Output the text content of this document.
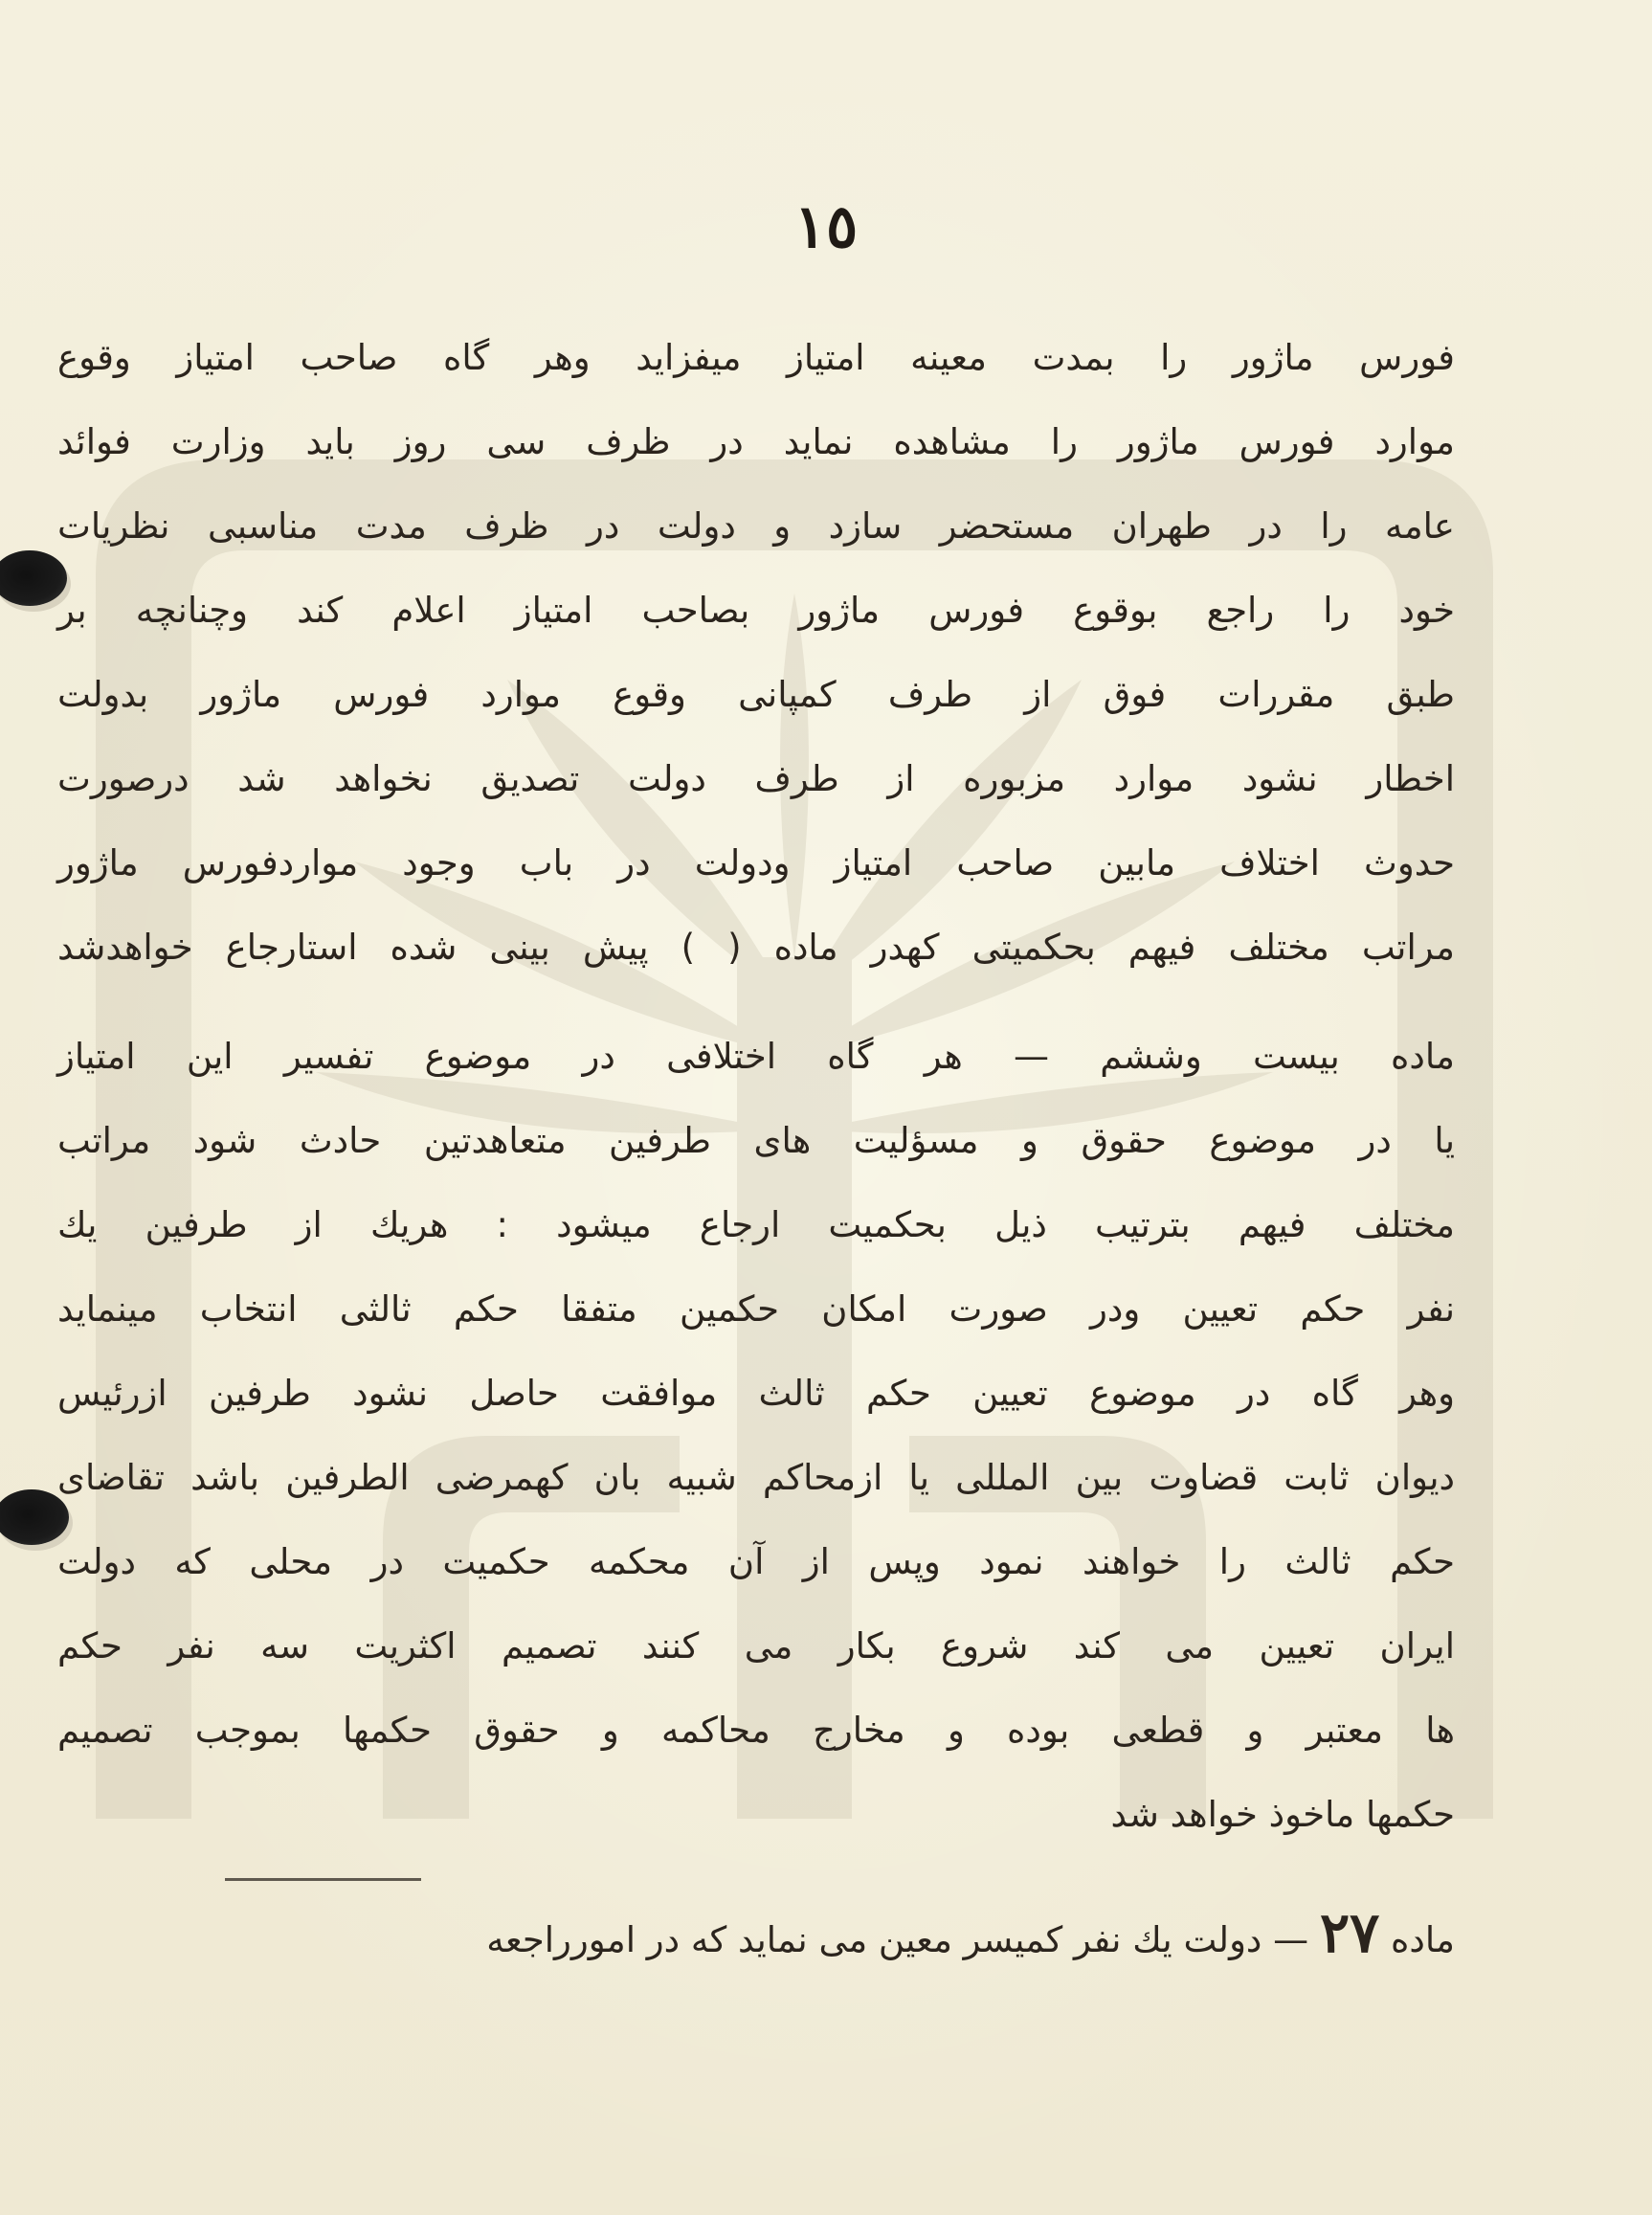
١٥
فورس ماژور را بمدت معینه امتیاز میفزاید وهر گاه صاحب امتیاز وقوع
موارد فورس ماژور را مشاهده نماید در ظرف سی روز باید وزارت فوائد
عامه را در طهران مستحضر سازد و دولت در ظرف مدت مناسبی نظریات
خود را راجع بوقوع فورس ماژور بصاحب امتیاز اعلام کند وچنانچه بر
طبق مقررات فوق از طرف کمپانی وقوع موارد فورس ماژور بدولت
اخطار نشود موارد مزبوره از طرف دولت تصدیق نخواهد شد درصورت
حدوث اختلاف مابین صاحب امتیاز ودولت در باب وجود مواردفورس ماژور
مراتب مختلف فیهم بحکمیتی کهدر ماده ( ) پیش بینی شده استارجاع خواهدشد
ماده بیست وششم — هر گاه اختلافی در موضوع تفسیر این امتیاز
یا در موضوع حقوق و مسؤلیت های طرفین متعاهدتین حادث شود مراتب
مختلف فیهم بترتیب ذیل بحکمیت ارجاع میشود : هریك از طرفین یك
نفر حکم تعیین ودر صورت امکان حکمین متفقا حکم ثالثی انتخاب مینماید
وهر گاه در موضوع تعیین حکم ثالث موافقت حاصل نشود طرفین ازرئیس
دیوان ثابت قضاوت بین المللی یا ازمحاکم شبیه بان کهمرضی الطرفین باشد تقاضای
حکم ثالث را خواهند نمود وپس از آن محکمه حکمیت در محلی که دولت
ایران تعیین می کند شروع بکار می کنند تصمیم اکثریت سه نفر حکم
ها معتبر و قطعی بوده و مخارج محاکمه و حقوق حکمها بموجب تصمیم
حکمها ماخوذ خواهد شد
ماده ٢٧ — دولت یك نفر کمیسر معین می نماید که در امورراجعه
